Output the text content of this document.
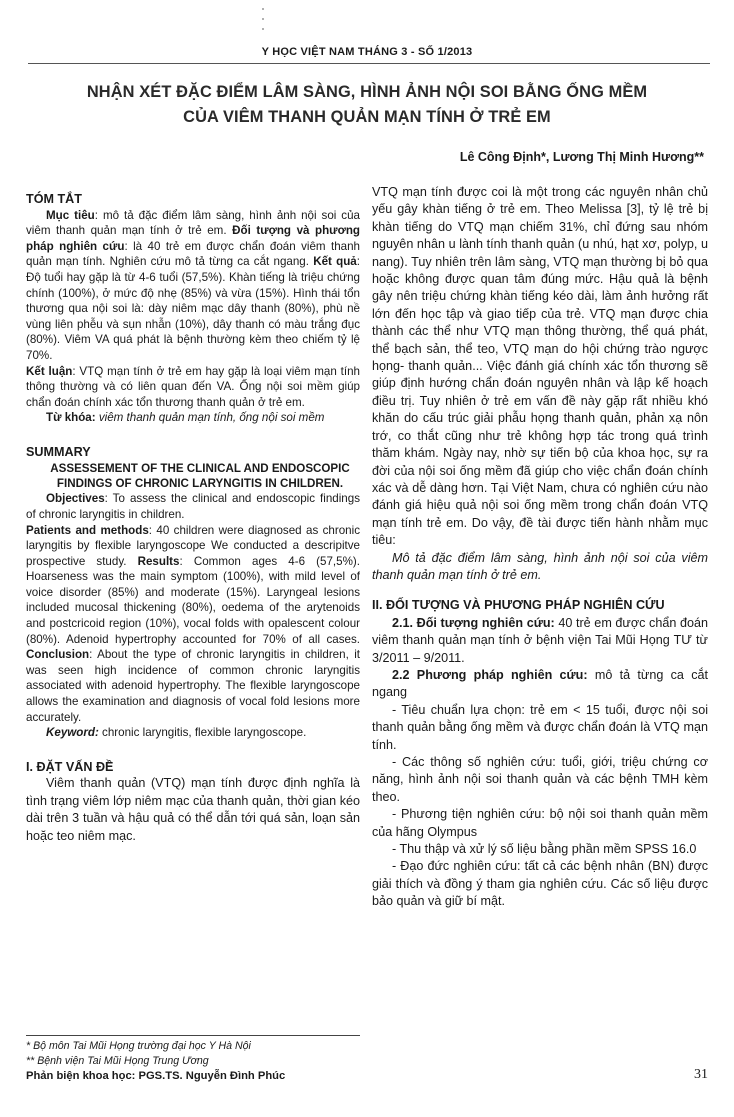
Y HỌC VIỆT NAM THÁNG 3 - SỐ 1/2013
NHẬN XÉT ĐẶC ĐIỂM LÂM SÀNG, HÌNH ẢNH NỘI SOI BẰNG ỐNG MỀM
CỦA VIÊM THANH QUẢN MẠN TÍNH Ở TRẺ EM
Lê Công Định*, Lương Thị Minh Hương**

TÓM TẮT

Mục tiêu: mô tả đặc điểm lâm sàng, hình ảnh nội soi của viêm thanh quản mạn tính ở trẻ em. Đối tượng và phương pháp nghiên cứu: là 40 trẻ em được chẩn đoán viêm thanh quản mạn tính. Nghiên cứu mô tả từng ca cắt ngang. Kết quả: Độ tuổi hay gặp là từ 4-6 tuổi (57,5%). Khàn tiếng là triệu chứng chính (100%), ở mức độ nhẹ (85%) và vừa (15%). Hình thái tổn thương qua nội soi là: dày niêm mạc dây thanh (80%), phù nề vùng liên phễu và sụn nhẫn (10%), dây thanh có màu trắng đục (80%). Viêm VA quá phát là bệnh thường kèm theo chiếm tỷ lệ 70%.

Kết luận: VTQ mạn tính ở trẻ em hay gặp là loại viêm mạn tính thông thường và có liên quan đến VA. Ống nội soi mềm giúp chẩn đoán chính xác tổn thương thanh quản ở trẻ em.

Từ khóa: viêm thanh quản mạn tính, ống nội soi mềm

SUMMARY

ASSESSEMENT OF THE CLINICAL AND ENDOSCOPIC FINDINGS OF CHRONIC LARYNGITIS IN CHILDREN.

Objectives: To assess the clinical and endoscopic findings of chronic laryngitis in children.

Patients and methods: 40 children were diagnosed as chronic laryngitis by flexible laryngoscope We conducted a descripitve prospective study. Results: Common ages 4-6 (57,5%). Hoarseness was the main symptom (100%), with mild level of voice disorder (85%) and moderate (15%). Laryngeal lesions included mucosal thickening (80%), oedema of the arytenoids and postcricoid region (10%), vocal folds with opalescent colour (80%). Adenoid hypertrophy accounted for 70% of all cases. Conclusion: About the type of chronic laryngitis in children, it was seen high incidence of common chronic laryngitis associated with adenoid hypertrophy. The flexible laryngoscope allows the examination and diagnosis of vocal fold lesions more accurately.

Keyword: chronic laryngitis, flexible laryngoscope.

I. ĐẶT VẤN ĐỀ

Viêm thanh quản (VTQ) mạn tính được định nghĩa là tình trạng viêm lớp niêm mạc của thanh quản, thời gian kéo dài trên 3 tuần và hậu quả có thể dẫn tới quá sản, loạn sản hoặc teo niêm mạc.

VTQ mạn tính được coi là một trong các nguyên nhân chủ yếu gây khàn tiếng ở trẻ em. Theo Melissa [3], tỷ lệ trẻ bị khàn tiếng do VTQ mạn chiếm 31%, chỉ đứng sau nhóm nguyên nhân u lành tính thanh quản (u nhú, hạt xơ, polyp, u nang). Tuy nhiên trên lâm sàng, VTQ mạn thường bị bỏ qua hoặc không được quan tâm đúng mức. Hậu quả là bệnh gây nên triệu chứng khàn tiếng kéo dài, làm ảnh hưởng rất lớn đến học tập và giao tiếp của trẻ. VTQ mạn được chia thành các thể như VTQ mạn thông thường, thể quá phát, thể bạch sản, thể teo, VTQ mạn do hội chứng trào ngược họng- thanh quản... Việc đánh giá chính xác tổn thương sẽ giúp định hướng chẩn đoán nguyên nhân và lập kế hoạch điều trị. Tuy nhiên ở trẻ em vấn đề này gặp rất nhiều khó khăn do cấu trúc giải phẫu họng thanh quản, phản xạ nôn trớ, co thắt cũng như trẻ không hợp tác trong quá trình thăm khám. Ngày nay, nhờ sự tiến bộ của khoa học, sự ra đời của nội soi ống mềm đã giúp cho việc chẩn đoán chính xác và dễ dàng hơn. Tại Việt Nam, chưa có nghiên cứu nào đánh giá hiệu quả nội soi ống mềm trong chẩn đoán VTQ mạn tính trẻ em. Do vậy, đề tài được tiến hành nhằm mục tiêu:

Mô tả đặc điểm lâm sàng, hình ảnh nội soi của viêm thanh quản mạn tính ở trẻ em.

II. ĐỐI TƯỢNG VÀ PHƯƠNG PHÁP NGHIÊN CỨU

2.1. Đối tượng nghiên cứu: 40 trẻ em được chẩn đoán viêm thanh quản mạn tính ở bệnh viện Tai Mũi Họng TƯ từ 3/2011 – 9/2011.

2.2 Phương pháp nghiên cứu: mô tả từng ca cắt ngang

- Tiêu chuẩn lựa chọn: trẻ em < 15 tuổi, được nội soi thanh quản bằng ống mềm và được chẩn đoán là VTQ mạn tính.

- Các thông số nghiên cứu: tuổi, giới, triệu chứng cơ năng, hình ảnh nội soi thanh quản và các bệnh TMH kèm theo.

- Phương tiện nghiên cứu: bộ nội soi thanh quản mềm của hãng Olympus

- Thu thập và xử lý số liệu bằng phần mềm SPSS 16.0

- Đạo đức nghiên cứu: tất cả các bệnh nhân (BN) được giải thích và đồng ý tham gia nghiên cứu. Các số liệu được bảo quản và giữ bí mật.

* Bộ môn Tai Mũi Họng trường đại học Y Hà Nội
** Bệnh viện Tai Mũi Họng Trung Ương
Phản biện khoa học: PGS.TS. Nguyễn Đình Phúc	31
